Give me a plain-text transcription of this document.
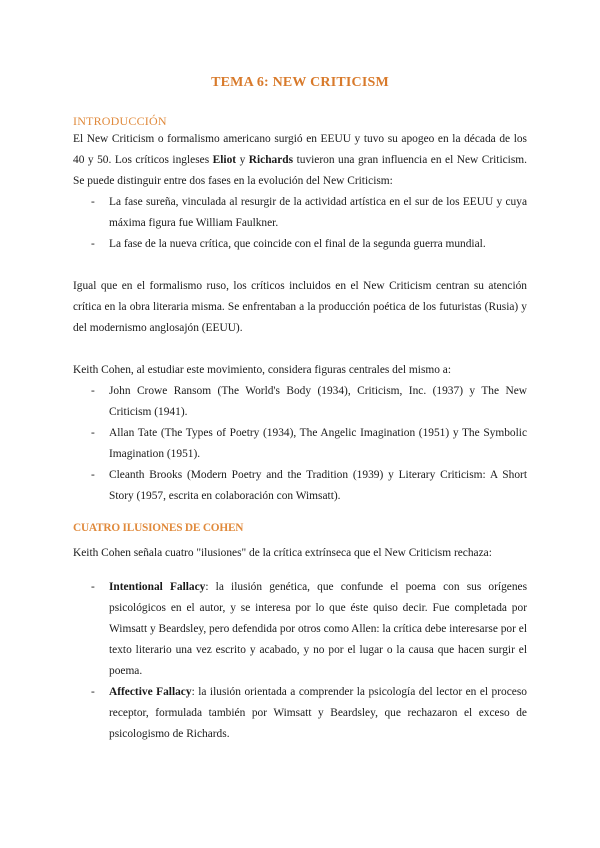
TEMA 6: NEW CRITICISM
INTRODUCCIÓN

El New Criticism o formalismo americano surgió en EEUU y tuvo su apogeo en la década de los 40 y 50. Los críticos ingleses Eliot y Richards tuvieron una gran influencia en el New Criticism. Se puede distinguir entre dos fases en la evolución del New Criticism:

- La fase sureña, vinculada al resurgir de la actividad artística en el sur de los EEUU y cuya máxima figura fue William Faulkner.
- La fase de la nueva crítica, que coincide con el final de la segunda guerra mundial.

Igual que en el formalismo ruso, los críticos incluidos en el New Criticism centran su atención crítica en la obra literaria misma. Se enfrentaban a la producción poética de los futuristas (Rusia) y del modernismo anglosajón (EEUU).

Keith Cohen, al estudiar este movimiento, considera figuras centrales del mismo a:

- John Crowe Ransom (The World's Body (1934), Criticism, Inc. (1937) y The New Criticism (1941).
- Allan Tate (The Types of Poetry (1934), The Angelic Imagination (1951) y The Symbolic Imagination (1951).
- Cleanth Brooks (Modern Poetry and the Tradition (1939) y Literary Criticism: A Short Story (1957, escrita en colaboración con Wimsatt).
CUATRO ILUSIONES DE COHEN

Keith Cohen señala cuatro "ilusiones" de la crítica extrínseca que el New Criticism rechaza:

- Intentional Fallacy: la ilusión genética, que confunde el poema con sus orígenes psicológicos en el autor, y se interesa por lo que éste quiso decir. Fue completada por Wimsatt y Beardsley, pero defendida por otros como Allen: la crítica debe interesarse por el texto literario una vez escrito y acabado, y no por el lugar o la causa que hacen surgir el poema.
- Affective Fallacy: la ilusión orientada a comprender la psicología del lector en el proceso receptor, formulada también por Wimsatt y Beardsley, que rechazaron el exceso de psicologismo de Richards.
